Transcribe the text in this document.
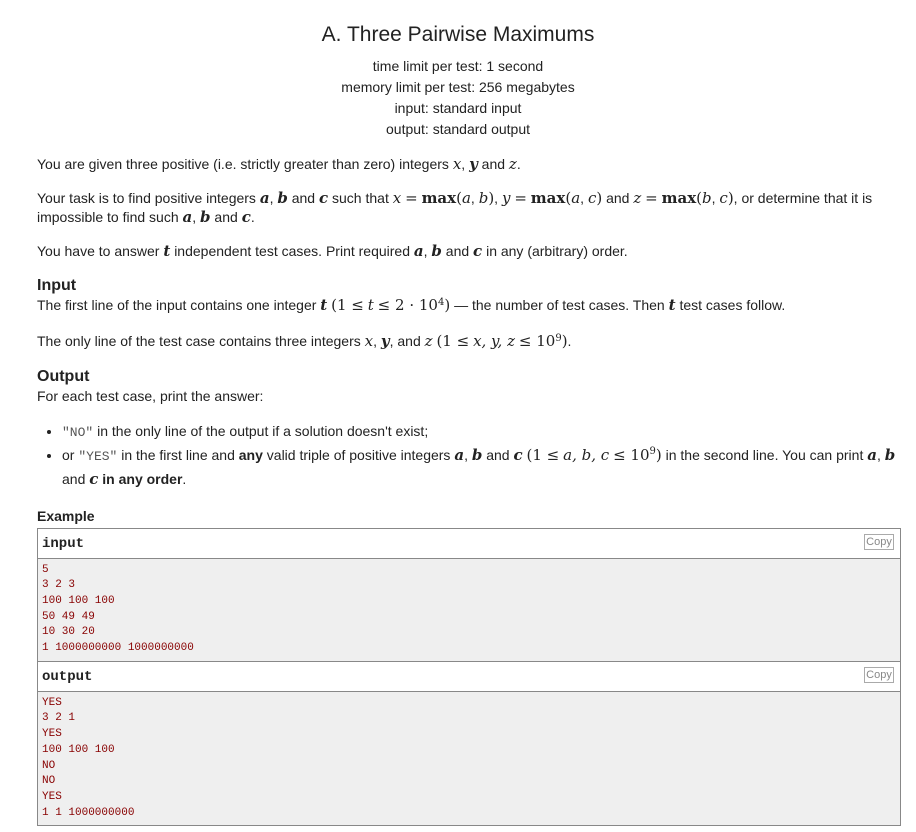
A. Three Pairwise Maximums
time limit per test: 1 second
memory limit per test: 256 megabytes
input: standard input
output: standard output

You are given three positive (i.e. strictly greater than zero) integers x, y and z.

Your task is to find positive integers a, b and c such that x = max(a, b), y = max(a, c) and z = max(b, c), or determine that it is
impossible to find such a, b and c.

You have to answer t independent test cases. Print required a, b and c in any (arbitrary) order.

Input

The first line of the input contains one integer t $(1 \le t \le 2 \cdot 10^4)$ — the number of test cases. Then t test cases follow.

The only line of the test case contains three integers x, y, and z (1 ≤ x, y, $z \le 10^9$).

Output

For each test case, print the answer:

• "NO" in the only line of the output if a solution doesn't exist;
• or "YES" in the first line and any valid triple of positive integers a, b and c (1 ≤ a, b, $c \le 10^9$) in the second line. You can print a, b
and c in any order.
Example
input	Copy
5
3 2 3
100 100 100
50 49 49
10 30 20
1 1000000000 1000000000
output	Copy
YES
3 2 1
YES
100 100 100
NO
NO
YES
1 1 1000000000
